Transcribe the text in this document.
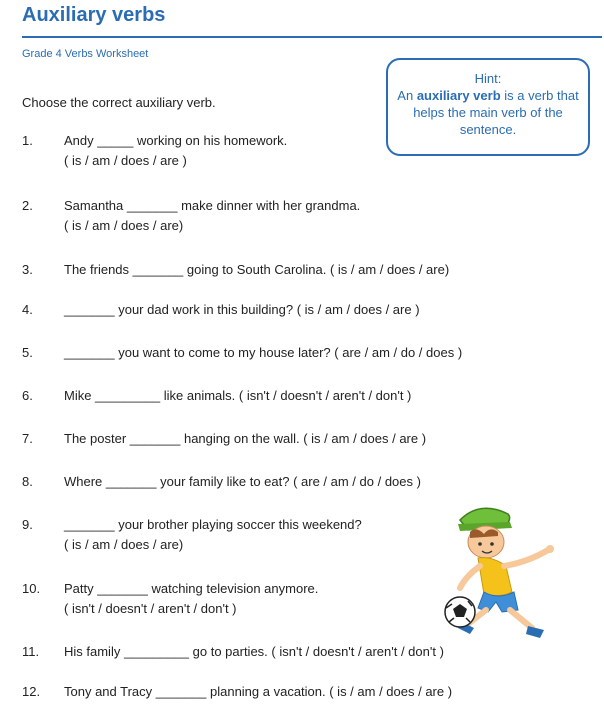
Auxiliary verbs
Grade 4 Verbs Worksheet
Choose the correct auxiliary verb.
Hint:
An auxiliary verb is a verb that helps the main verb of the sentence.
1. Andy _____ working on his homework.
( is / am / does / are )
2. Samantha _______ make dinner with her grandma.
( is / am / does / are)
3. The friends _______ going to South Carolina. ( is / am / does / are)
4. _______ your dad work in this building? ( is / am / does / are )
5. _______ you want to come to my house later? ( are / am / do / does )
6. Mike _________ like animals. ( isn't / doesn't / aren't / don't )
7. The poster _______ hanging on the wall. ( is / am / does / are )
8. Where _______ your family like to eat? ( are / am / do / does )
9. _______ your brother playing soccer this weekend?
( is / am / does / are)
10. Patty _______ watching television anymore.
( isn't / doesn't / aren't / don't )
11. His family _________ go to parties. ( isn't / doesn't / aren't / don't )
12. Tony and Tracy _______ planning a vacation. ( is / am / does / are )
